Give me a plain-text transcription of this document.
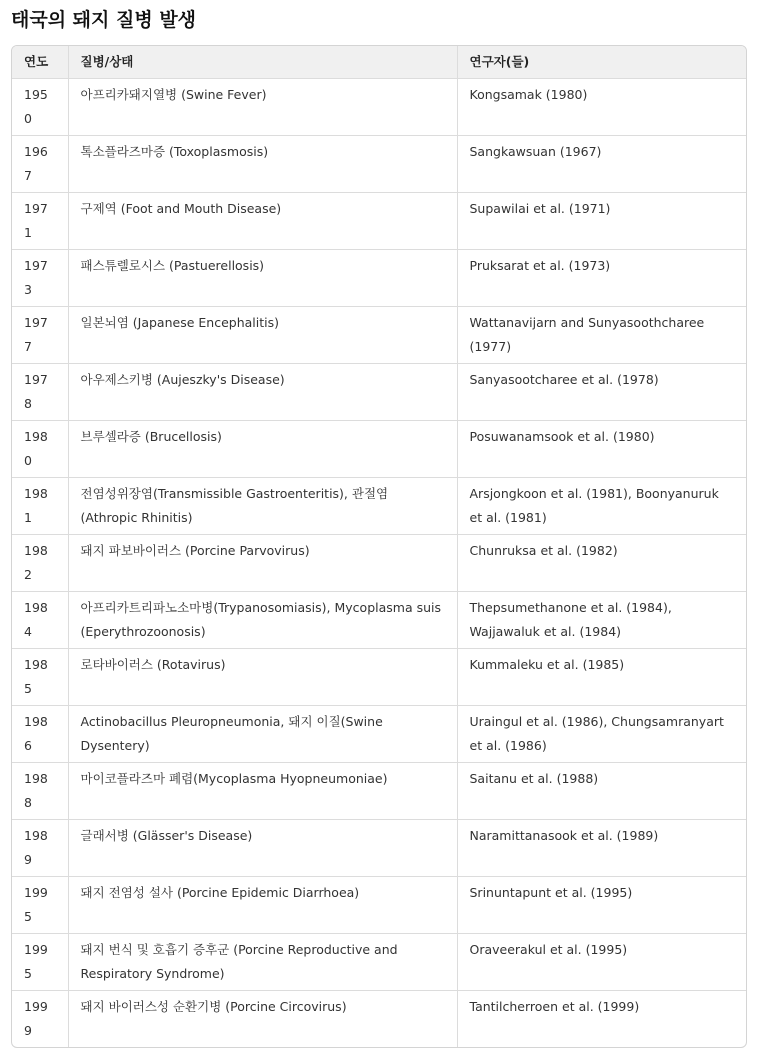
태국의 돼지 질병 발생
연도	질병/상태	연구자(들)
1950	아프리카돼지열병 (Swine Fever)	Kongsamak (1980)
1967	톡소플라즈마증 (Toxoplasmosis)	Sangkawsuan (1967)
1971	구제역 (Foot and Mouth Disease)	Supawilai et al. (1971)
1973	패스튜렐로시스 (Pastuerellosis)	Pruksarat et al. (1973)
1977	일본뇌염 (Japanese Encephalitis)	Wattanavijarn and Sunyasoothcharee (1977)
1978	아우제스키병 (Aujeszky's Disease)	Sanyasootcharee et al. (1978)
1980	브루셀라증 (Brucellosis)	Posuwanamsook et al. (1980)
1981	전염성위장염(Transmissible Gastroenteritis), 관절염 (Athropic Rhinitis)	Arsjongkoon et al. (1981), Boonyanuruk et al. (1981)
1982	돼지 파보바이러스 (Porcine Parvovirus)	Chunruksa et al. (1982)
1984	아프리카트리파노소마병(Trypanosomiasis), Mycoplasma suis (Eperythrozoonosis)	Thepsumethanone et al. (1984), Wajjawaluk et al. (1984)
1985	로타바이러스 (Rotavirus)	Kummaleku et al. (1985)
1986	Actinobacillus Pleuropneumonia, 돼지 이질(Swine Dysentery)	Uraingul et al. (1986), Chungsamranyart et al. (1986)
1988	마이코플라즈마 폐렴(Mycoplasma Hyopneumoniae)	Saitanu et al. (1988)
1989	글래서병 (Glässer's Disease)	Naramittanasook et al. (1989)
1995	돼지 전염성 설사 (Porcine Epidemic Diarrhoea)	Srinuntapunt et al. (1995)
1995	돼지 번식 및 호흡기 증후군 (Porcine Reproductive and Respiratory Syndrome)	Oraveerakul et al. (1995)
1999	돼지 바이러스성 순환기병 (Porcine Circovirus)	Tantilcherroen et al. (1999)
